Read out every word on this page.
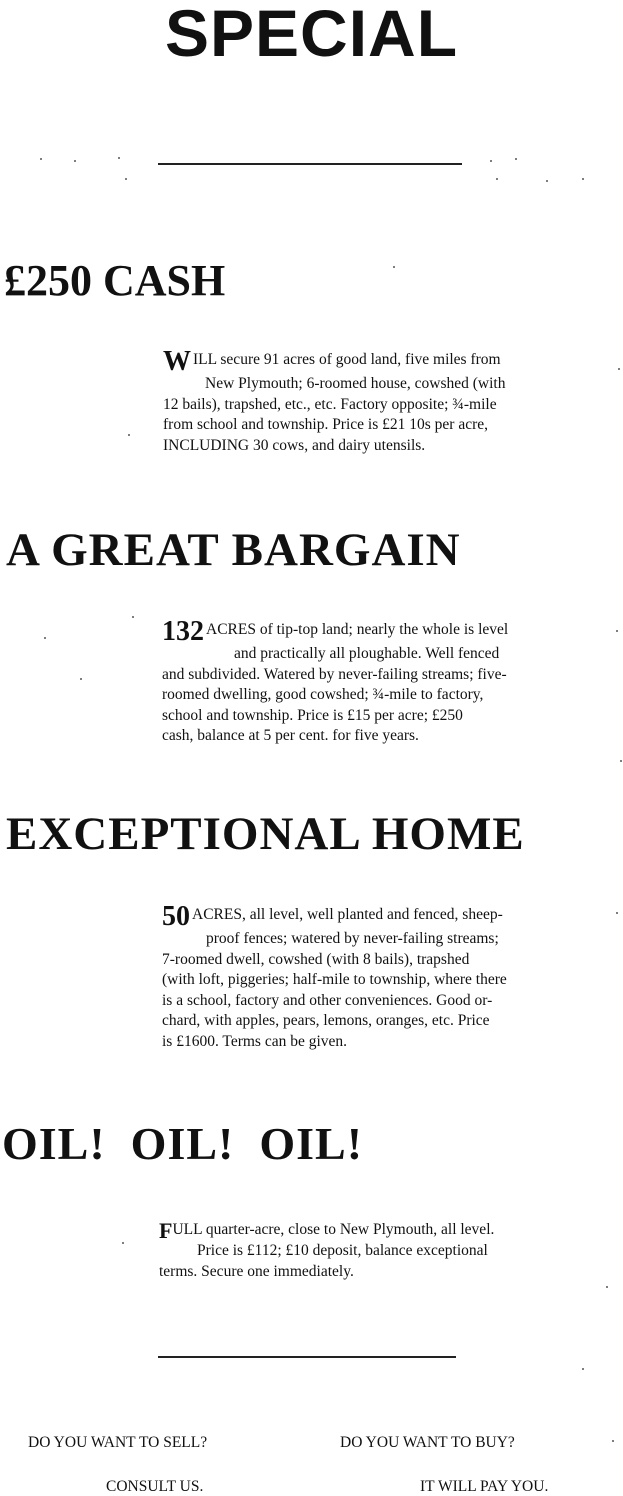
SPECIAL
£250 CASH
WILL secure 91 acres of good land, five miles from
New Plymouth; 6-roomed house, cowshed (with
12 bails), trapshed, etc., etc. Factory opposite; ¾-mile
from school and township. Price is £21 10s per acre,
INCLUDING 30 cows, and dairy utensils.
A GREAT BARGAIN
132 ACRES of tip-top land; nearly the whole is level
and practically all ploughable. Well fenced
and subdivided. Watered by never-failing streams; five-
roomed dwelling, good cowshed; ¾-mile to factory,
school and township. Price is £15 per acre; £250
cash, balance at 5 per cent. for five years.
EXCEPTIONAL HOME
50 ACRES, all level, well planted and fenced, sheep-
proof fences; watered by never-failing streams;
7-roomed dwell, cowshed (with 8 bails), trapshed
(with loft, piggeries; half-mile to township, where there
is a school, factory and other conveniences. Good or-
chard, with apples, pears, lemons, oranges, etc. Price
is £1600. Terms can be given.
OIL!  OIL!  OIL!
FULL quarter-acre, close to New Plymouth, all level.
Price is £112; £10 deposit, balance exceptional
terms. Secure one immediately.
DO YOU WANT TO SELL?	DO YOU WANT TO BUY?
CONSULT US.	IT WILL PAY YOU.
